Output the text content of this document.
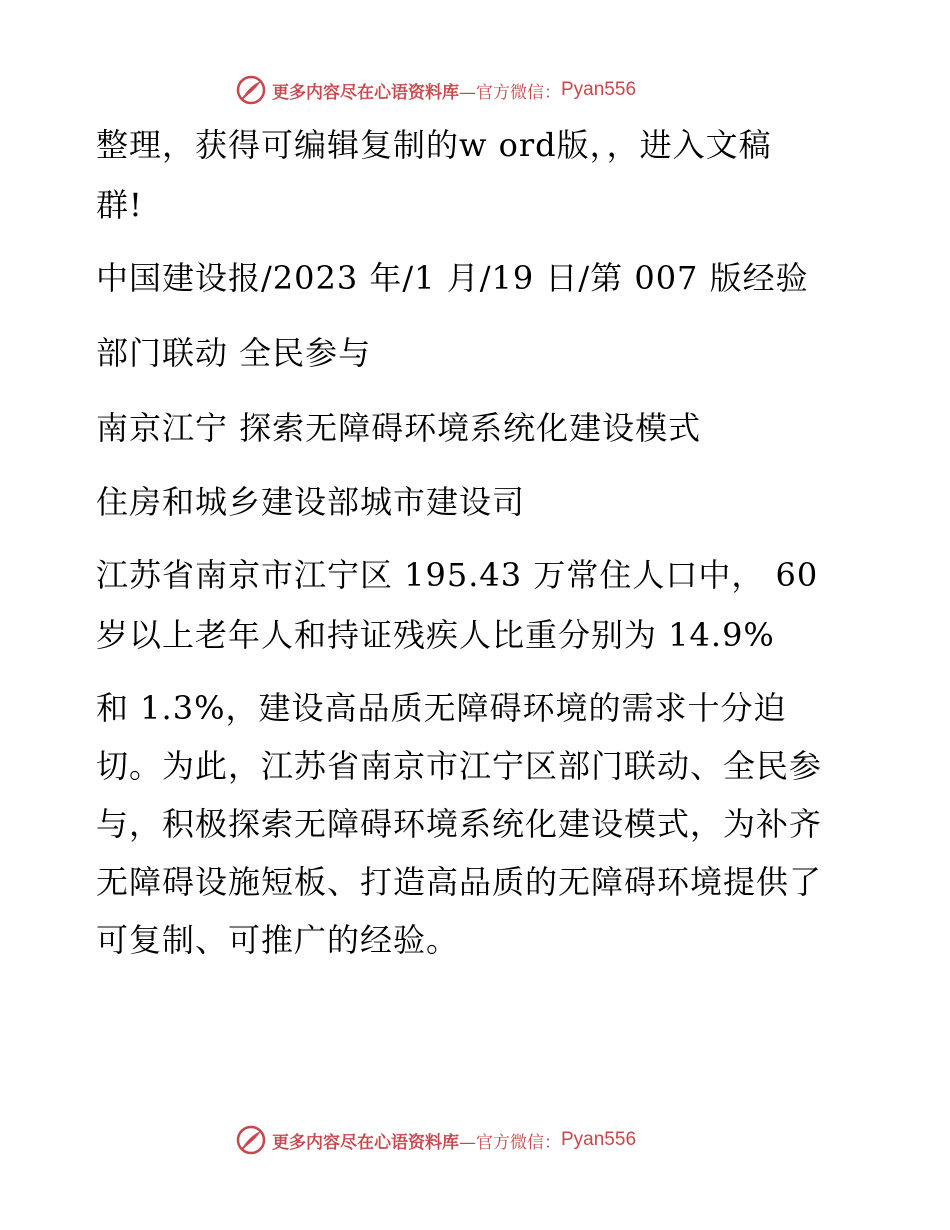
更多内容尽在心语资料库 —官方微信： Pyan556
整理，获得可编辑复制的w ord版，，进入文稿
群!
中国建设报/2023 年/1 月/19 日/第 007 版经验
部门联动 全民参与
南京江宁 探索无障碍环境系统化建设模式
住房和城乡建设部城市建设司
江苏省南京市江宁区 195.43 万常住人口中， 60
岁以上老年人和持证残疾人比重分别为 14.9%
和 1.3%，建设高品质无障碍环境的需求十分迫
切。为此，江苏省南京市江宁区部门联动、全民参
与，积极探索无障碍环境系统化建设模式，为补齐
无障碍设施短板、打造高品质的无障碍环境提供了
可复制、可推广的经验。
更多内容尽在心语资料库 —官方微信： Pyan556
